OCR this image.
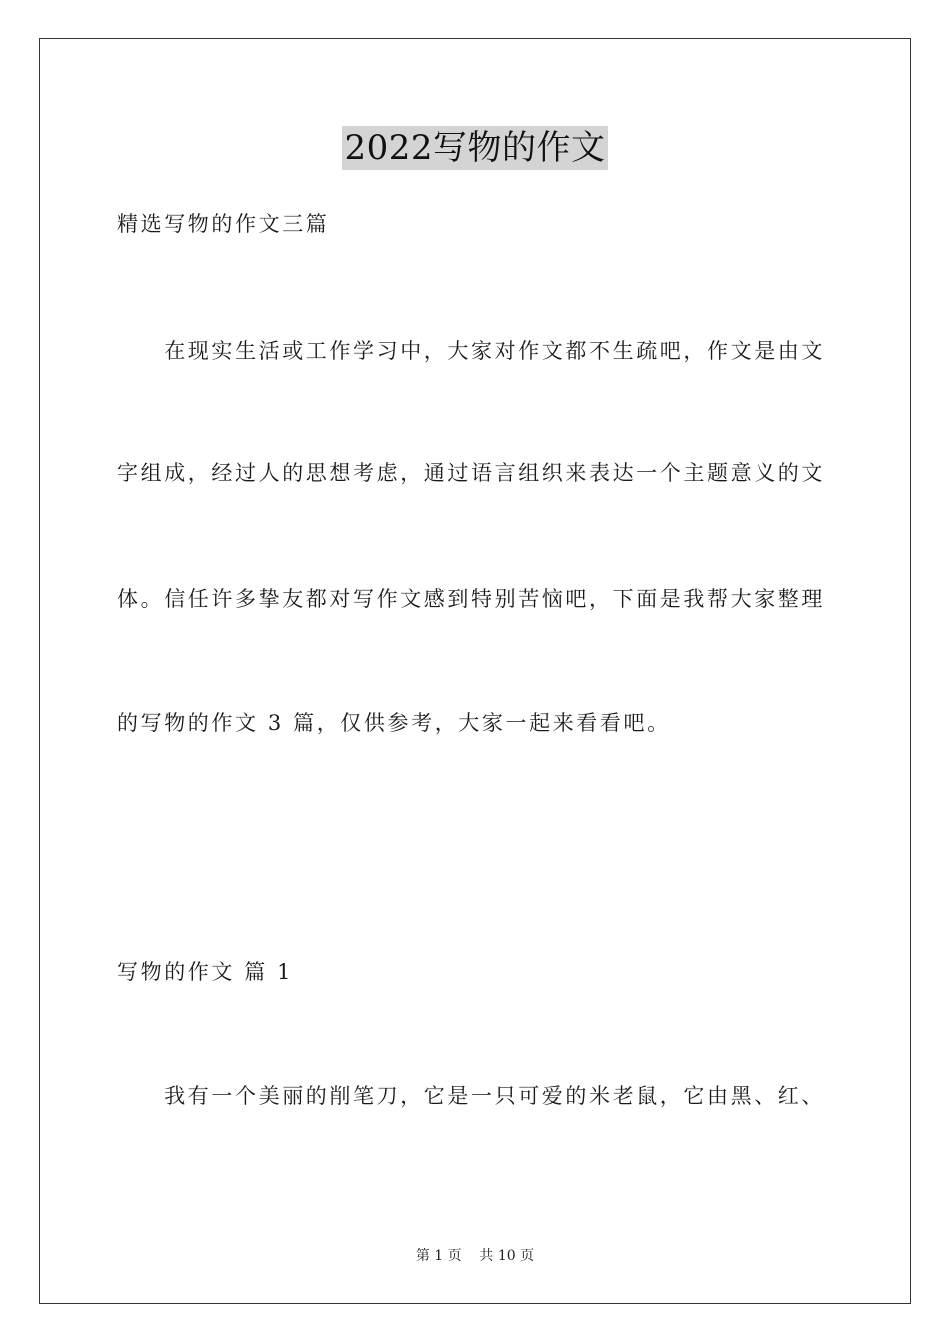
2022写物的作文
精选写物的作文三篇
　　在现实生活或工作学习中，大家对作文都不生疏吧，作文是由文
字组成，经过人的思想考虑，通过语言组织来表达一个主题意义的文
体。信任许多挚友都对写作文感到特别苦恼吧，下面是我帮大家整理
的写物的作文 3 篇，仅供参考，大家一起来看看吧。
写物的作文 篇 1
　　我有一个美丽的削笔刀，它是一只可爱的米老鼠，它由黑、红、
第 1 页    共 10 页
